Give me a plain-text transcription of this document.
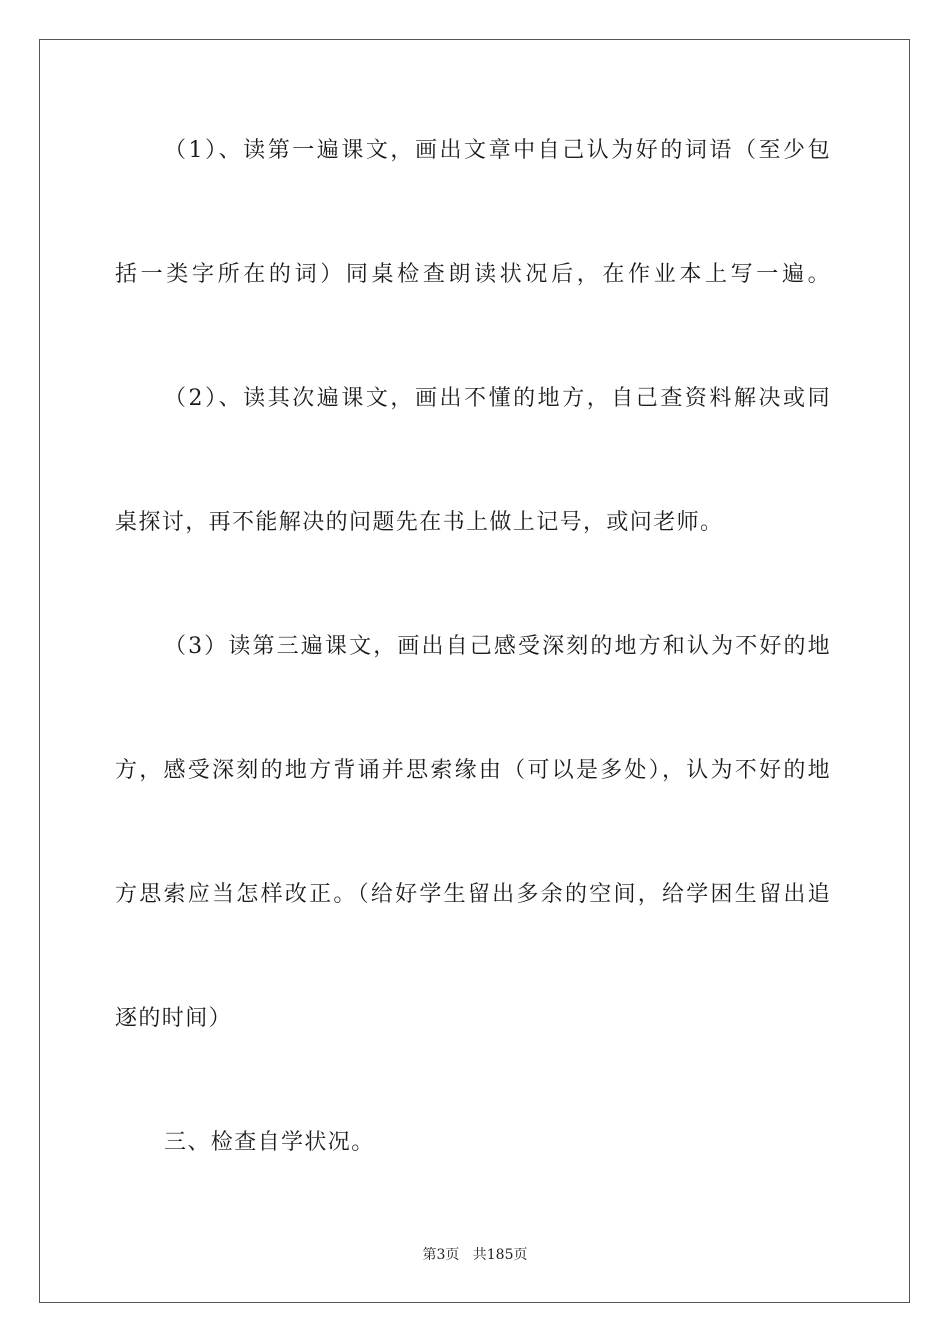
（1）、读第一遍课文，画出文章中自己认为好的词语（至少包
括一类字所在的词）同桌检查朗读状况后，在作业本上写一遍。
（2）、读其次遍课文，画出不懂的地方，自己查资料解决或同
桌探讨，再不能解决的问题先在书上做上记号，或问老师。
（3）读第三遍课文，画出自己感受深刻的地方和认为不好的地
方，感受深刻的地方背诵并思索缘由（可以是多处），认为不好的地
方思索应当怎样改正。（给好学生留出多余的空间，给学困生留出追
逐的时间）
三、检查自学状况。
第3页 共185页
